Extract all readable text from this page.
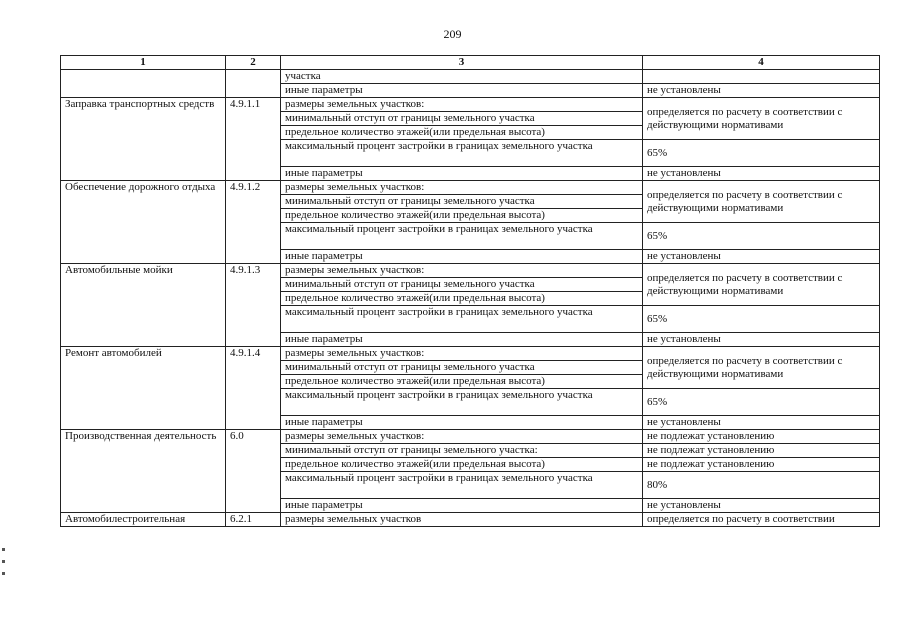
209
1	2	3	4
		участка	
		иные параметры	не установлены
Заправка транспортных средств	4.9.1.1	размеры земельных участков:	определяется по расчету в соответствии с действующими нормативами
		минимальный отступ от границы земельного участка	
		предельное количество этажей(или предельная высота)	
		максимальный процент застройки в границах земельного участка	65%
		иные параметры	не установлены
Обеспечение дорожного отдыха	4.9.1.2	размеры земельных участков:	определяется по расчету в соответствии с действующими нормативами
		минимальный отступ от границы земельного участка	
		предельное количество этажей(или предельная высота)	
		максимальный процент застройки в границах земельного участка	65%
		иные параметры	не установлены
Автомобильные мойки	4.9.1.3	размеры земельных участков:	определяется по расчету в соответствии с действующими нормативами
		минимальный отступ от границы земельного участка	
		предельное количество этажей(или предельная высота)	
		максимальный процент застройки в границах земельного участка	65%
		иные параметры	не установлены
Ремонт автомобилей	4.9.1.4	размеры земельных участков:	определяется по расчету в соответствии с действующими нормативами
		минимальный отступ от границы земельного участка	
		предельное количество этажей(или предельная высота)	
		максимальный процент застройки в границах земельного участка	65%
		иные параметры	не установлены
Производственная деятельность	6.0	размеры земельных участков:	не подлежат установлению
		минимальный отступ от границы земельного участка:	не подлежат установлению
		предельное количество этажей(или предельная высота)	не подлежат установлению
		максимальный процент застройки в границах земельного участка	80%
		иные параметры	не установлены
Автомобилестроительная	6.2.1	размеры земельных участков	определяется по расчету в соответствии
